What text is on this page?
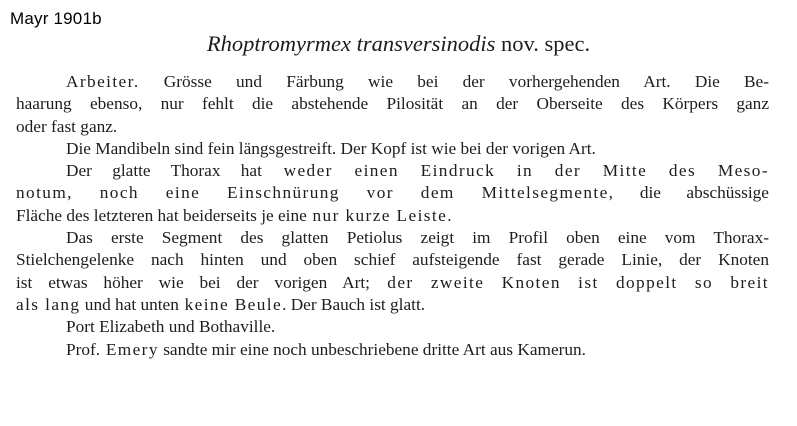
Mayr 1901b
Rhoptromyrmex transversinodis nov. spec.
Arbeiter. Grösse und Färbung wie bei der vorhergehenden Art. Die Be-
haarung ebenso, nur fehlt die abstehende Pilosität an der Oberseite des Körpers ganz
oder fast ganz.
Die Mandibeln sind fein längsgestreift. Der Kopf ist wie bei der vorigen Art.
Der glatte Thorax hat weder einen Eindruck in der Mitte des Meso-
notum, noch eine Einschnürung vor dem Mittelsegmente, die abschüssige
Fläche des letzteren hat beiderseits je eine nur kurze Leiste.
Das erste Segment des glatten Petiolus zeigt im Profil oben eine vom Thorax-
Stielchengelenke nach hinten und oben schief aufsteigende fast gerade Linie, der Knoten
ist etwas höher wie bei der vorigen Art; der zweite Knoten ist doppelt so breit
als lang und hat unten keine Beule. Der Bauch ist glatt.
Port Elizabeth und Bothaville.
Prof. Emery sandte mir eine noch unbeschriebene dritte Art aus Kamerun.
